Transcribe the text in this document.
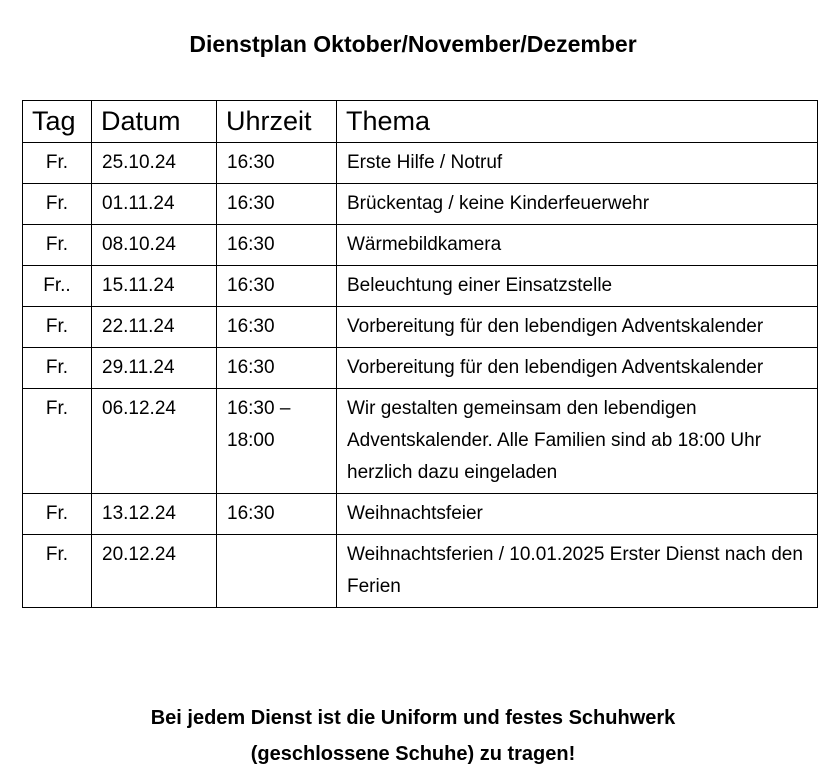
Dienstplan Oktober/November/Dezember
Tag	Datum	Uhrzeit	Thema
Fr.	25.10.24	16:30	Erste Hilfe / Notruf
Fr.	01.11.24	16:30	Brückentag / keine Kinderfeuerwehr
Fr.	08.10.24	16:30	Wärmebildkamera
Fr..	15.11.24	16:30	Beleuchtung einer Einsatzstelle
Fr.	22.11.24	16:30	Vorbereitung für den lebendigen Adventskalender
Fr.	29.11.24	16:30	Vorbereitung für den lebendigen Adventskalender
Fr.	06.12.24	16:30 – 18:00	Wir gestalten gemeinsam den lebendigen Adventskalender. Alle Familien sind ab 18:00 Uhr herzlich dazu eingeladen
Fr.	13.12.24	16:30	Weihnachtsfeier
Fr.	20.12.24		Weihnachtsferien / 10.01.2025 Erster Dienst nach den Ferien
Bei jedem Dienst ist die Uniform und festes Schuhwerk
(geschlossene Schuhe) zu tragen!
